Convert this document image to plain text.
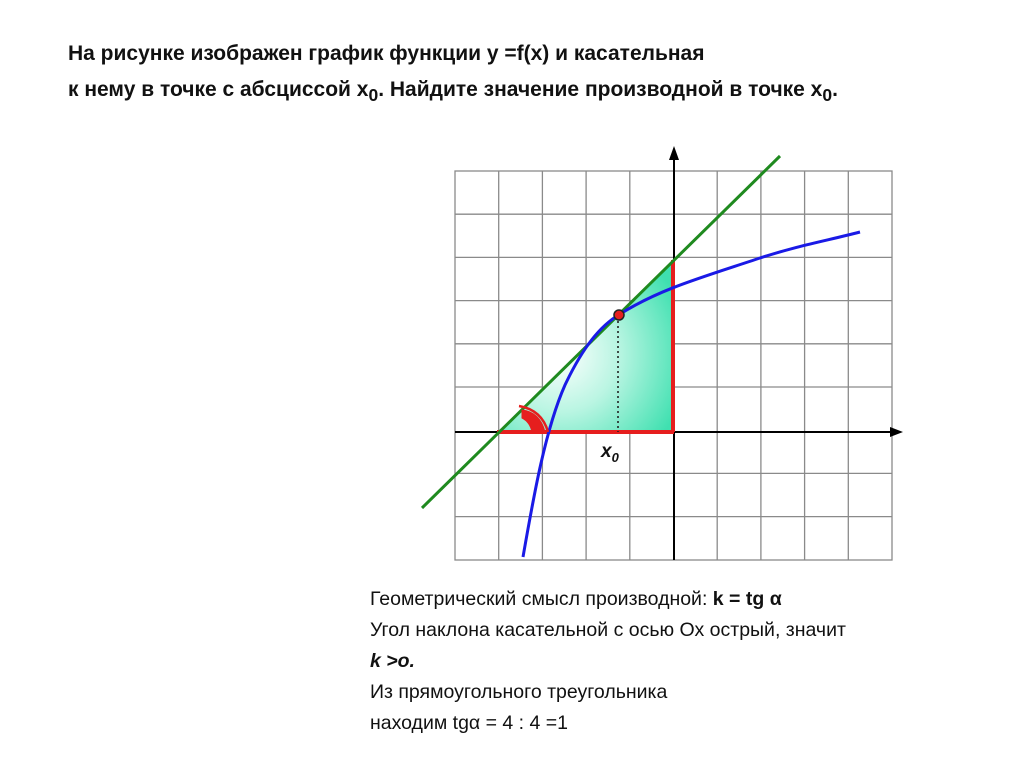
На рисунке изображен график функции y =f(x) и касательная
к нему в точке с абсциссой $x_0$. Найдите значение производной в точке $x_0$.
$x_0$
Геометрический смысл производной: k = tg α
Угол наклона касательной с осью Ох острый, значит
k >o.
Из прямоугольного треугольника
находим tgα = 4 : 4 =1
